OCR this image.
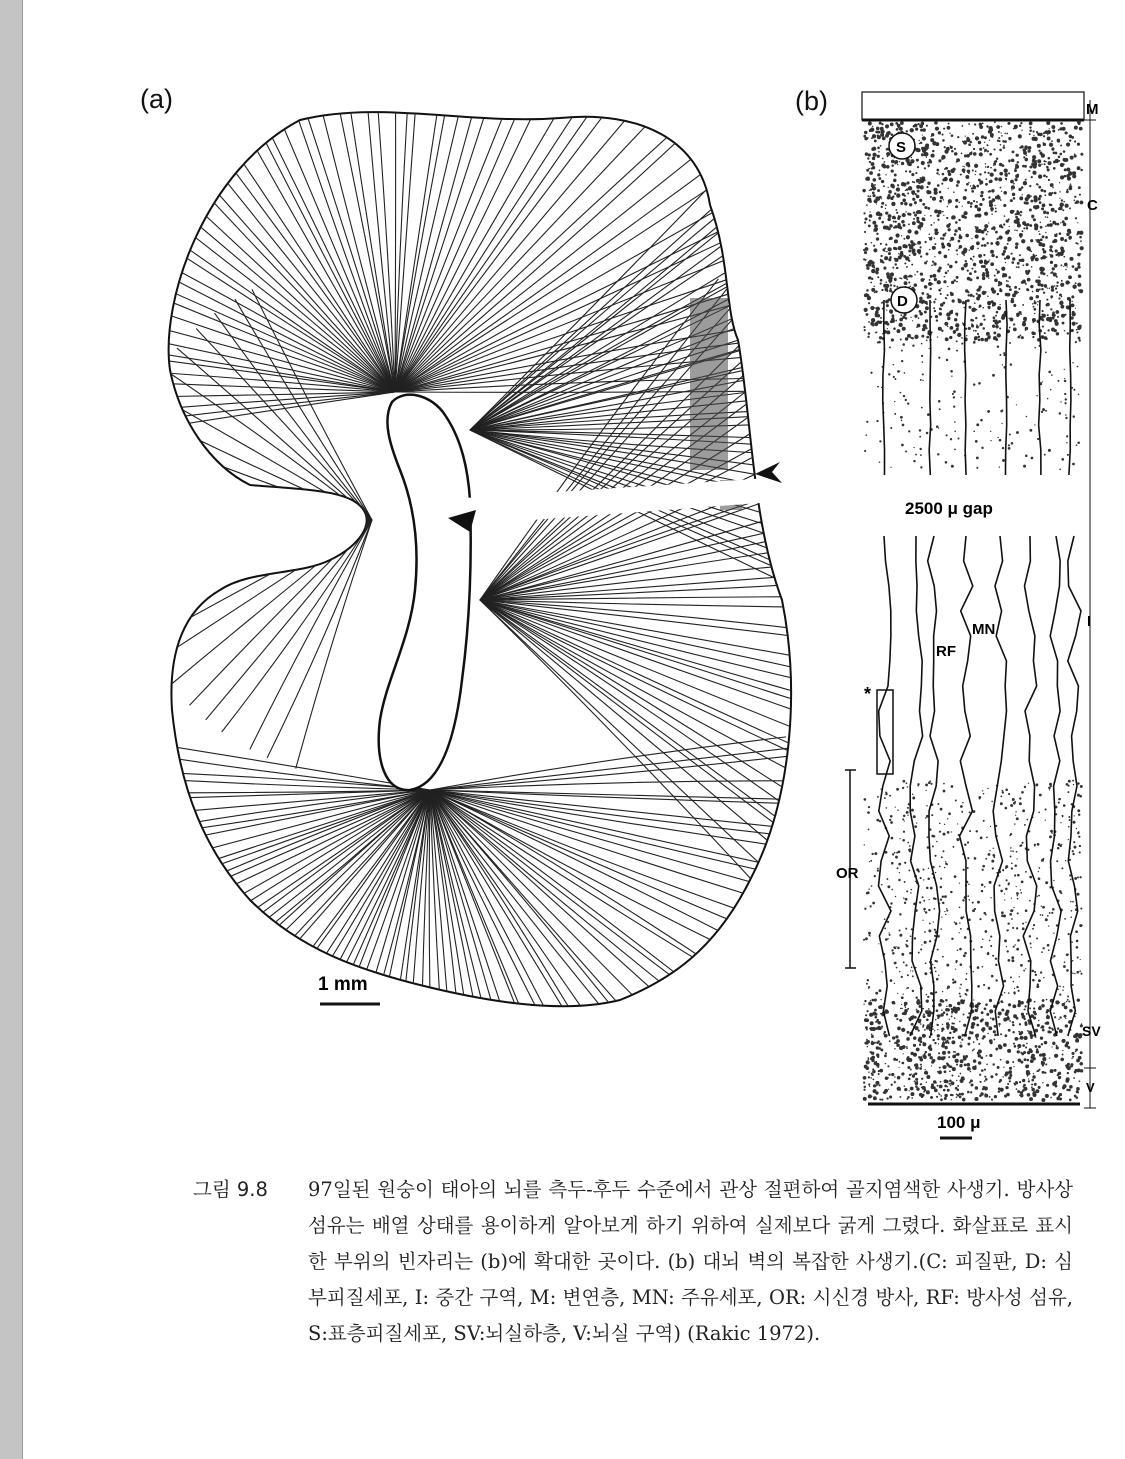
(a)	(b)
1 mm
M
C
I
SV
V
OR
RF
MN
S
D
*
2500 μ gap
100 μ
그림 9.8	97일된 원숭이 태아의 뇌를 측두-후두 수준에서 관상 절편하여 골지염색한 사생기. 방사상 섬유는 배열 상태를 용이하게 알아보게 하기 위하여 실제보다 굵게 그렸다. 화살표로 표시한 부위의 빈자리는 (b)에 확대한 곳이다. (b) 대뇌 벽의 복잡한 사생기.(C: 피질판, D: 심부피질세포, I: 중간 구역, M: 변연층, MN: 주유세포, OR: 시신경 방사, RF: 방사성 섬유, S:표층피질세포, SV:뇌실하층, V:뇌실 구역) (Rakic 1972).
